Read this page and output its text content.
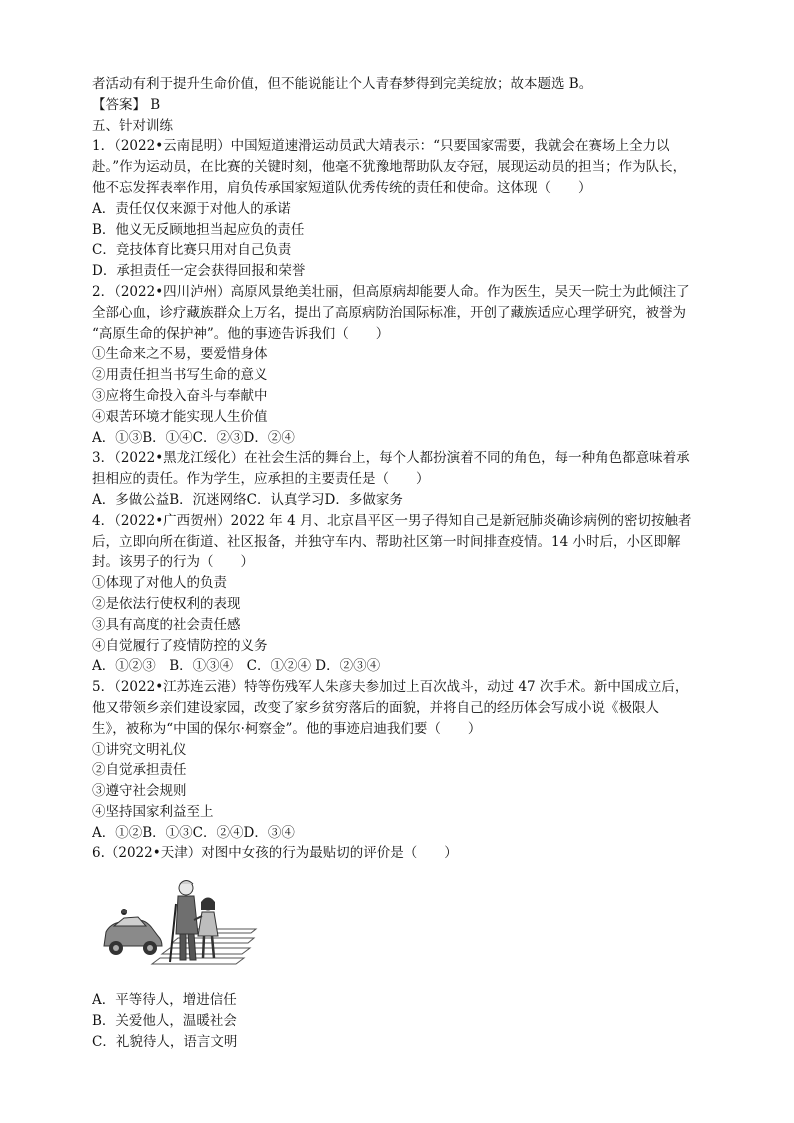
者活动有利于提升生命价值，但不能说能让个人青春梦得到完美绽放；故本题选 B。
【答案】 B
五、针对训练
1．（2022•云南昆明）中国短道速滑运动员武大靖表示：“只要国家需要，我就会在赛场上全力以
赴。”作为运动员，在比赛的关键时刻，他毫不犹豫地帮助队友夺冠，展现运动员的担当；作为队长，
他不忘发挥表率作用，肩负传承国家短道队优秀传统的责任和使命。这体现（　　）
A．责任仅仅来源于对他人的承诺
B．他义无反顾地担当起应负的责任
C．竞技体育比赛只用对自己负责
D．承担责任一定会获得回报和荣誉
2．（2022•四川泸州）高原风景绝美壮丽，但高原病却能要人命。作为医生，吴天一院士为此倾注了
全部心血，诊疗藏族群众上万名，提出了高原病防治国际标准，开创了藏族适应心理学研究，被誉为
“高原生命的保护神”。他的事迹告诉我们（　　）
①生命来之不易，要爱惜身体
②用责任担当书写生命的意义
③应将生命投入奋斗与奉献中
④艰苦环境才能实现人生价值
A．①③B．①④C．②③D．②④
3．（2022•黑龙江绥化）在社会生活的舞台上，每个人都扮演着不同的角色，每一种角色都意味着承
担相应的责任。作为学生，应承担的主要责任是（　　）
A．多做公益B．沉迷网络C．认真学习D．多做家务
4．（2022•广西贺州）2022 年 4 月、北京昌平区一男子得知自己是新冠肺炎确诊病例的密切按触者
后，立即向所在街道、社区报备，并独守车内、帮助社区第一时间排查疫情。14 小时后，小区即解
封。该男子的行为（　　）
①体现了对他人的负责
②是依法行使权利的表现
③具有高度的社会责任感
④自觉履行了疫情防控的义务
A．①②③　B．①③④　C．①②④ D．②③④
5．（2022•江苏连云港）特等伤残军人朱彦夫参加过上百次战斗，动过 47 次手术。新中国成立后，
他又带领乡亲们建设家园，改变了家乡贫穷落后的面貌，并将自己的经历体会写成小说《极限人
生》，被称为“中国的保尔·柯察金”。他的事迹启迪我们要（　　）
①讲究文明礼仪
②自觉承担责任
③遵守社会规则
④坚持国家利益至上
A．①②B．①③C．②④D．③④
6.（2022•天津）对图中女孩的行为最贴切的评价是（　　）
A．平等待人，增进信任
B．关爱他人，温暖社会
C．礼貌待人，语言文明
